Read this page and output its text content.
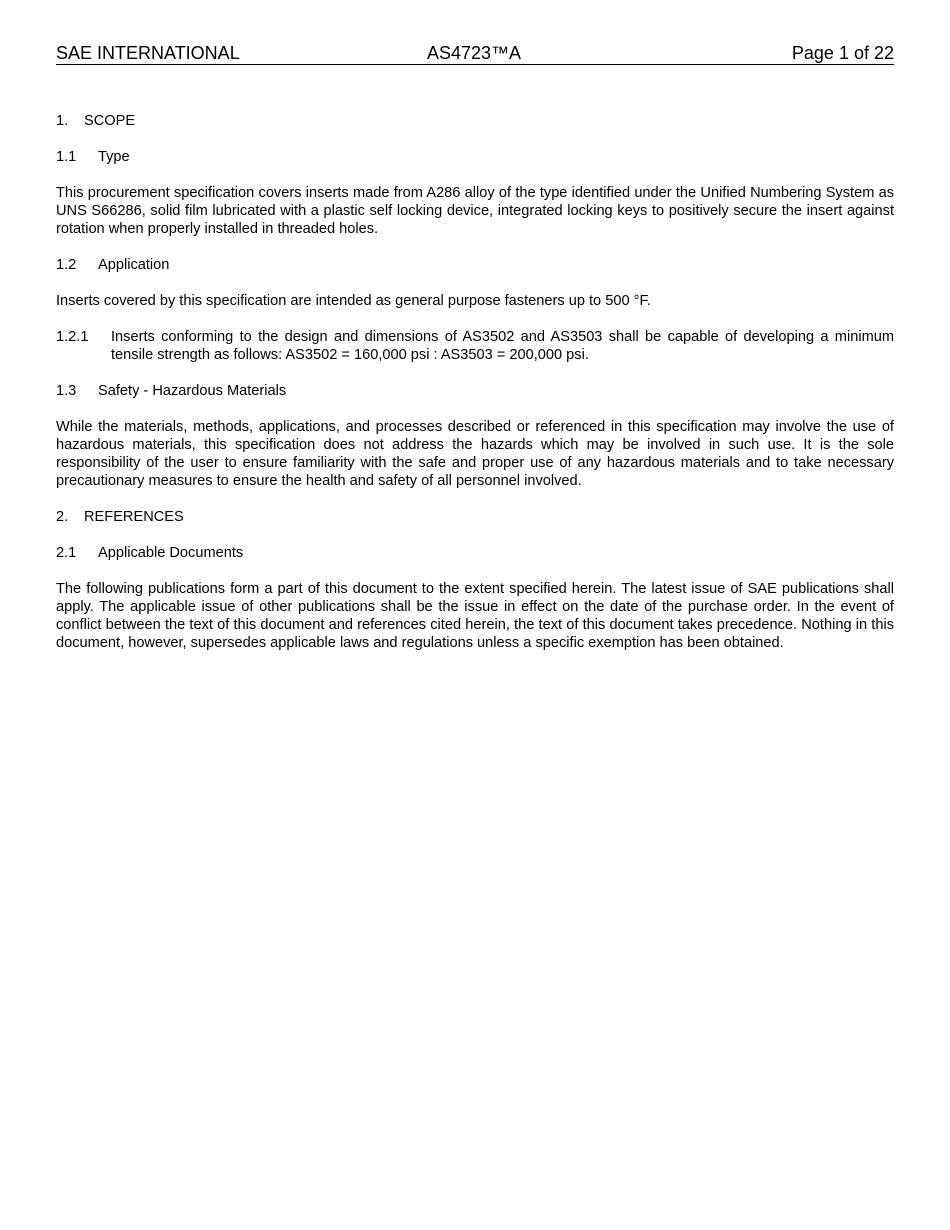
SAE INTERNATIONAL	AS4723™A	Page 1 of 22
1. SCOPE
1.1 Type

This procurement specification covers inserts made from A286 alloy of the type identified under the Unified Numbering System as UNS S66286, solid film lubricated with a plastic self locking device, integrated locking keys to positively secure the insert against rotation when properly installed in threaded holes.

1.2 Application

Inserts covered by this specification are intended as general purpose fasteners up to 500 °F.

1.2.1	Inserts conforming to the design and dimensions of AS3502 and AS3503 shall be capable of developing a minimum tensile strength as follows: AS3502 = 160,000 psi : AS3503 = 200,000 psi.
1.3 Safety - Hazardous Materials

While the materials, methods, applications, and processes described or referenced in this specification may involve the use of hazardous materials, this specification does not address the hazards which may be involved in such use. It is the sole responsibility of the user to ensure familiarity with the safe and proper use of any hazardous materials and to take necessary precautionary measures to ensure the health and safety of all personnel involved.

2. REFERENCES
2.1 Applicable Documents

The following publications form a part of this document to the extent specified herein. The latest issue of SAE publications shall apply. The applicable issue of other publications shall be the issue in effect on the date of the purchase order. In the event of conflict between the text of this document and references cited herein, the text of this document takes precedence. Nothing in this document, however, supersedes applicable laws and regulations unless a specific exemption has been obtained.
